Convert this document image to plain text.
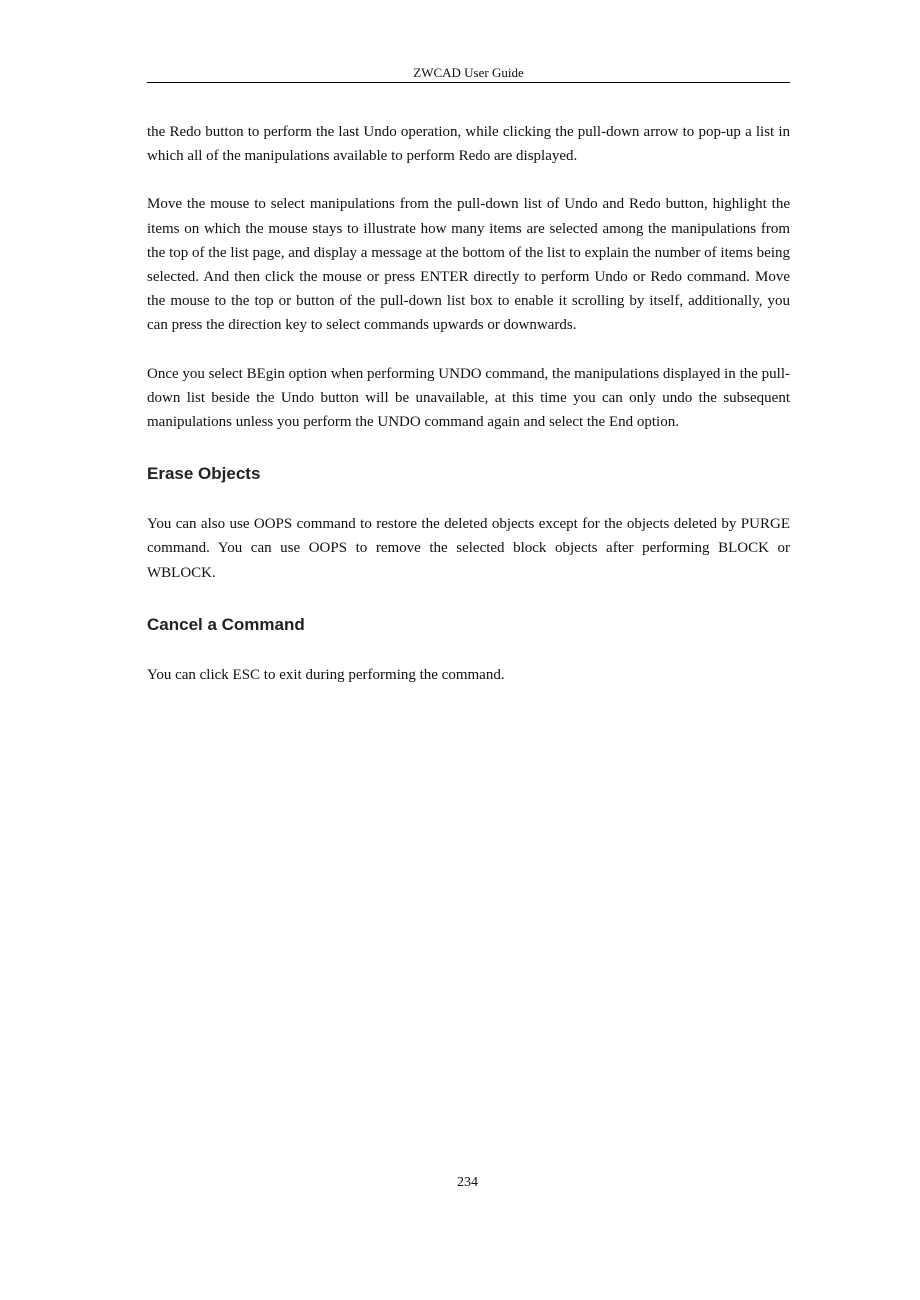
ZWCAD User Guide

the Redo button to perform the last Undo operation, while clicking the pull-down arrow to pop-up a list in which all of the manipulations available to perform Redo are displayed.

Move the mouse to select manipulations from the pull-down list of Undo and Redo button, highlight the items on which the mouse stays to illustrate how many items are selected among the manipulations from the top of the list page, and display a message at the bottom of the list to explain the number of items being selected. And then click the mouse or press ENTER directly to perform Undo or Redo command. Move the mouse to the top or button of the pull-down list box to enable it scrolling by itself, additionally, you can press the direction key to select commands upwards or downwards.

Once you select BEgin option when performing UNDO command, the manipulations displayed in the pull-down list beside the Undo button will be unavailable, at this time you can only undo the subsequent manipulations unless you perform the UNDO command again and select the End option.

Erase Objects

You can also use OOPS command to restore the deleted objects except for the objects deleted by PURGE command. You can use OOPS to remove the selected block objects after performing BLOCK or WBLOCK.

Cancel a Command

You can click ESC to exit during performing the command.

234
